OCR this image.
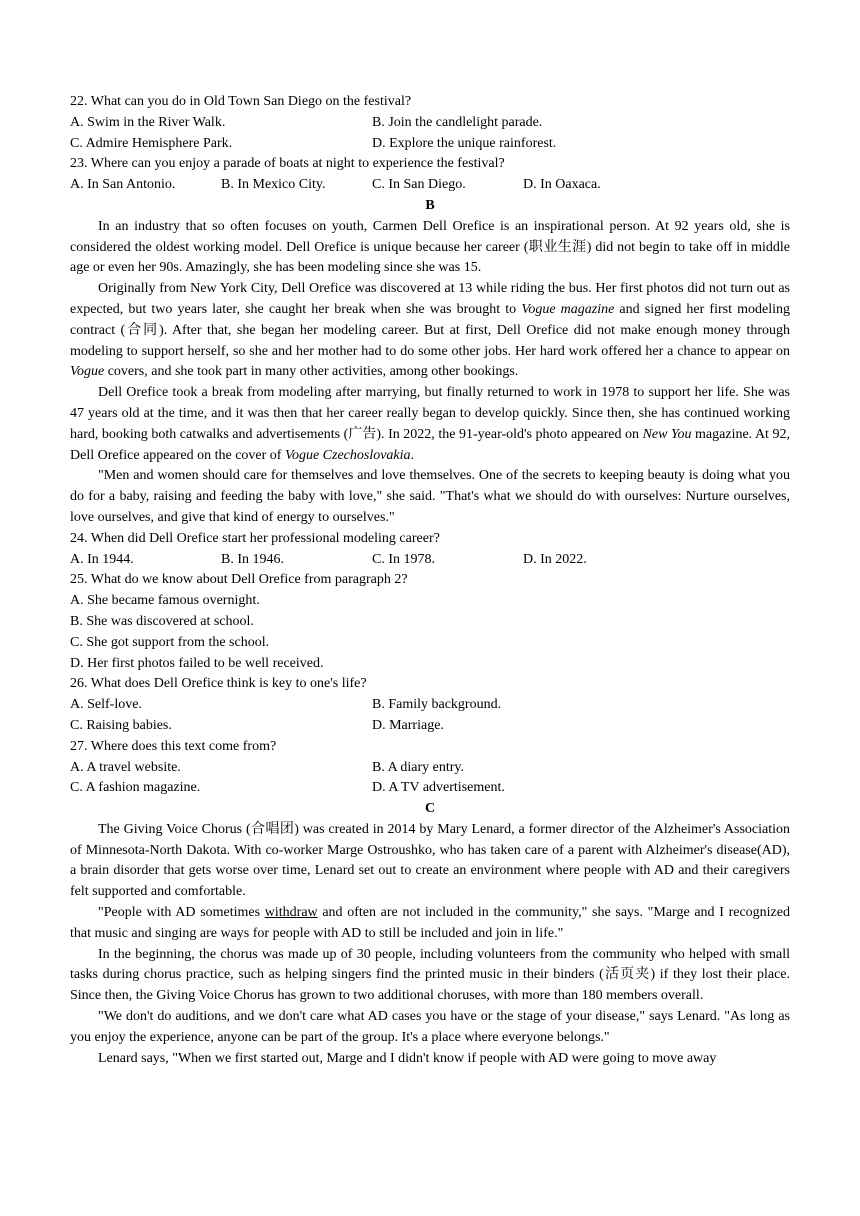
22. What can you do in Old Town San Diego on the festival?
A. Swim in the River Walk.	B. Join the candlelight parade.
C. Admire Hemisphere Park.	D. Explore the unique rainforest.
23. Where can you enjoy a parade of boats at night to experience the festival?
A. In San Antonio.	B. In Mexico City.	C. In San Diego.	D. In Oaxaca.
B

In an industry that so often focuses on youth, Carmen Dell Orefice is an inspirational person. At 92 years old, she is considered the oldest working model. Dell Orefice is unique because her career (职业生涯) did not begin to take off in middle age or even her 90s. Amazingly, she has been modeling since she was 15.

Originally from New York City, Dell Orefice was discovered at 13 while riding the bus. Her first photos did not turn out as expected, but two years later, she caught her break when she was brought to Vogue magazine and signed her first modeling contract (合同). After that, she began her modeling career. But at first, Dell Orefice did not make enough money through modeling to support herself, so she and her mother had to do some other jobs. Her hard work offered her a chance to appear on Vogue covers, and she took part in many other activities, among other bookings.

Dell Orefice took a break from modeling after marrying, but finally returned to work in 1978 to support her life. She was 47 years old at the time, and it was then that her career really began to develop quickly. Since then, she has continued working hard, booking both catwalks and advertisements (广告). In 2022, the 91-year-old's photo appeared on New You magazine. At 92, Dell Orefice appeared on the cover of Vogue Czechoslovakia.

"Men and women should care for themselves and love themselves. One of the secrets to keeping beauty is doing what you do for a baby, raising and feeding the baby with love," she said. "That's what we should do with ourselves: Nurture ourselves, love ourselves, and give that kind of energy to ourselves."

24. When did Dell Orefice start her professional modeling career?
A. In 1944.	B. In 1946.	C. In 1978.	D. In 2022.
25. What do we know about Dell Orefice from paragraph 2?
A. She became famous overnight.
B. She was discovered at school.
C. She got support from the school.
D. Her first photos failed to be well received.
26. What does Dell Orefice think is key to one's life?
A. Self-love.	B. Family background.
C. Raising babies.	D. Marriage.
27. Where does this text come from?
A. A travel website.	B. A diary entry.
C. A fashion magazine.	D. A TV advertisement.
C

The Giving Voice Chorus (合唱团) was created in 2014 by Mary Lenard, a former director of the Alzheimer's Association of Minnesota-North Dakota. With co-worker Marge Ostroushko, who has taken care of a parent with Alzheimer's disease(AD), a brain disorder that gets worse over time, Lenard set out to create an environment where people with AD and their caregivers felt supported and comfortable.

"People with AD sometimes withdraw and often are not included in the community," she says. "Marge and I recognized that music and singing are ways for people with AD to still be included and join in life."

In the beginning, the chorus was made up of 30 people, including volunteers from the community who helped with small tasks during chorus practice, such as helping singers find the printed music in their binders (活页夹) if they lost their place. Since then, the Giving Voice Chorus has grown to two additional choruses, with more than 180 members overall.

"We don't do auditions, and we don't care what AD cases you have or the stage of your disease," says Lenard. "As long as you enjoy the experience, anyone can be part of the group. It's a place where everyone belongs."

Lenard says, "When we first started out, Marge and I didn't know if people with AD were going to move away
